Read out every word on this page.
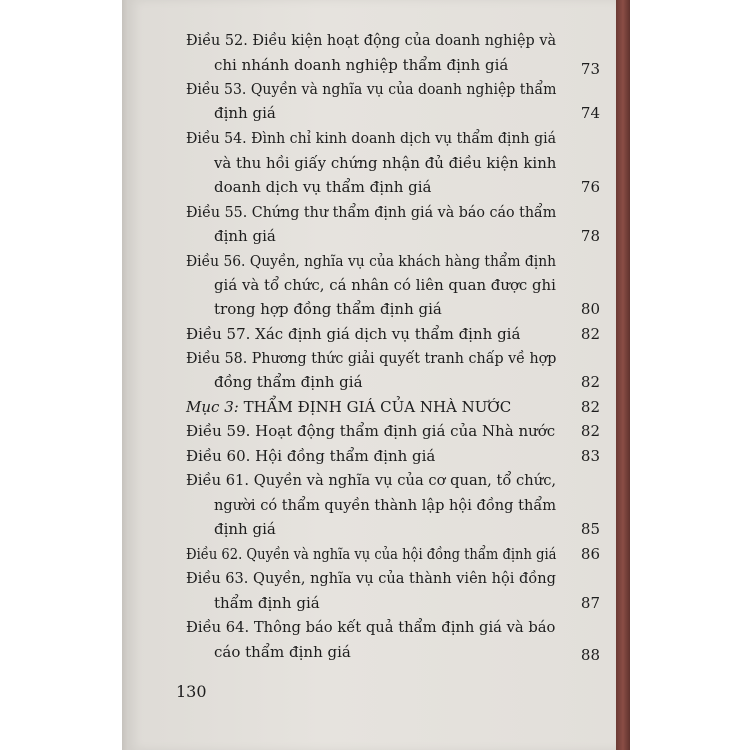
Điều 52. Điều kiện hoạt động của doanh nghiệp và
chi nhánh doanh nghiệp thẩm định giá	73
Điều 53. Quyền và nghĩa vụ của doanh nghiệp thẩm
định giá	74
Điều 54. Đình chỉ kinh doanh dịch vụ thẩm định giá
và thu hồi giấy chứng nhận đủ điều kiện kinh
doanh dịch vụ thẩm định giá	76
Điều 55. Chứng thư thẩm định giá và báo cáo thẩm
định giá	78
Điều 56. Quyền, nghĩa vụ của khách hàng thẩm định
giá và tổ chức, cá nhân có liên quan được ghi
trong hợp đồng thẩm định giá	80
Điều 57. Xác định giá dịch vụ thẩm định giá	82
Điều 58. Phương thức giải quyết tranh chấp về hợp
đồng thẩm định giá	82
Mục 3: THẨM ĐỊNH GIÁ CỦA NHÀ NƯỚC	82
Điều 59. Hoạt động thẩm định giá của Nhà nước 82
Điều 60. Hội đồng thẩm định giá	83
Điều 61. Quyền và nghĩa vụ của cơ quan, tổ chức,
người có thẩm quyền thành lập hội đồng thẩm
định giá	85
Điều 62. Quyền và nghĩa vụ của hội đồng thẩm định giá 86
Điều 63. Quyền, nghĩa vụ của thành viên hội đồng
thẩm định giá	87
Điều 64. Thông báo kết quả thẩm định giá và báo
cáo thẩm định giá	88
130
